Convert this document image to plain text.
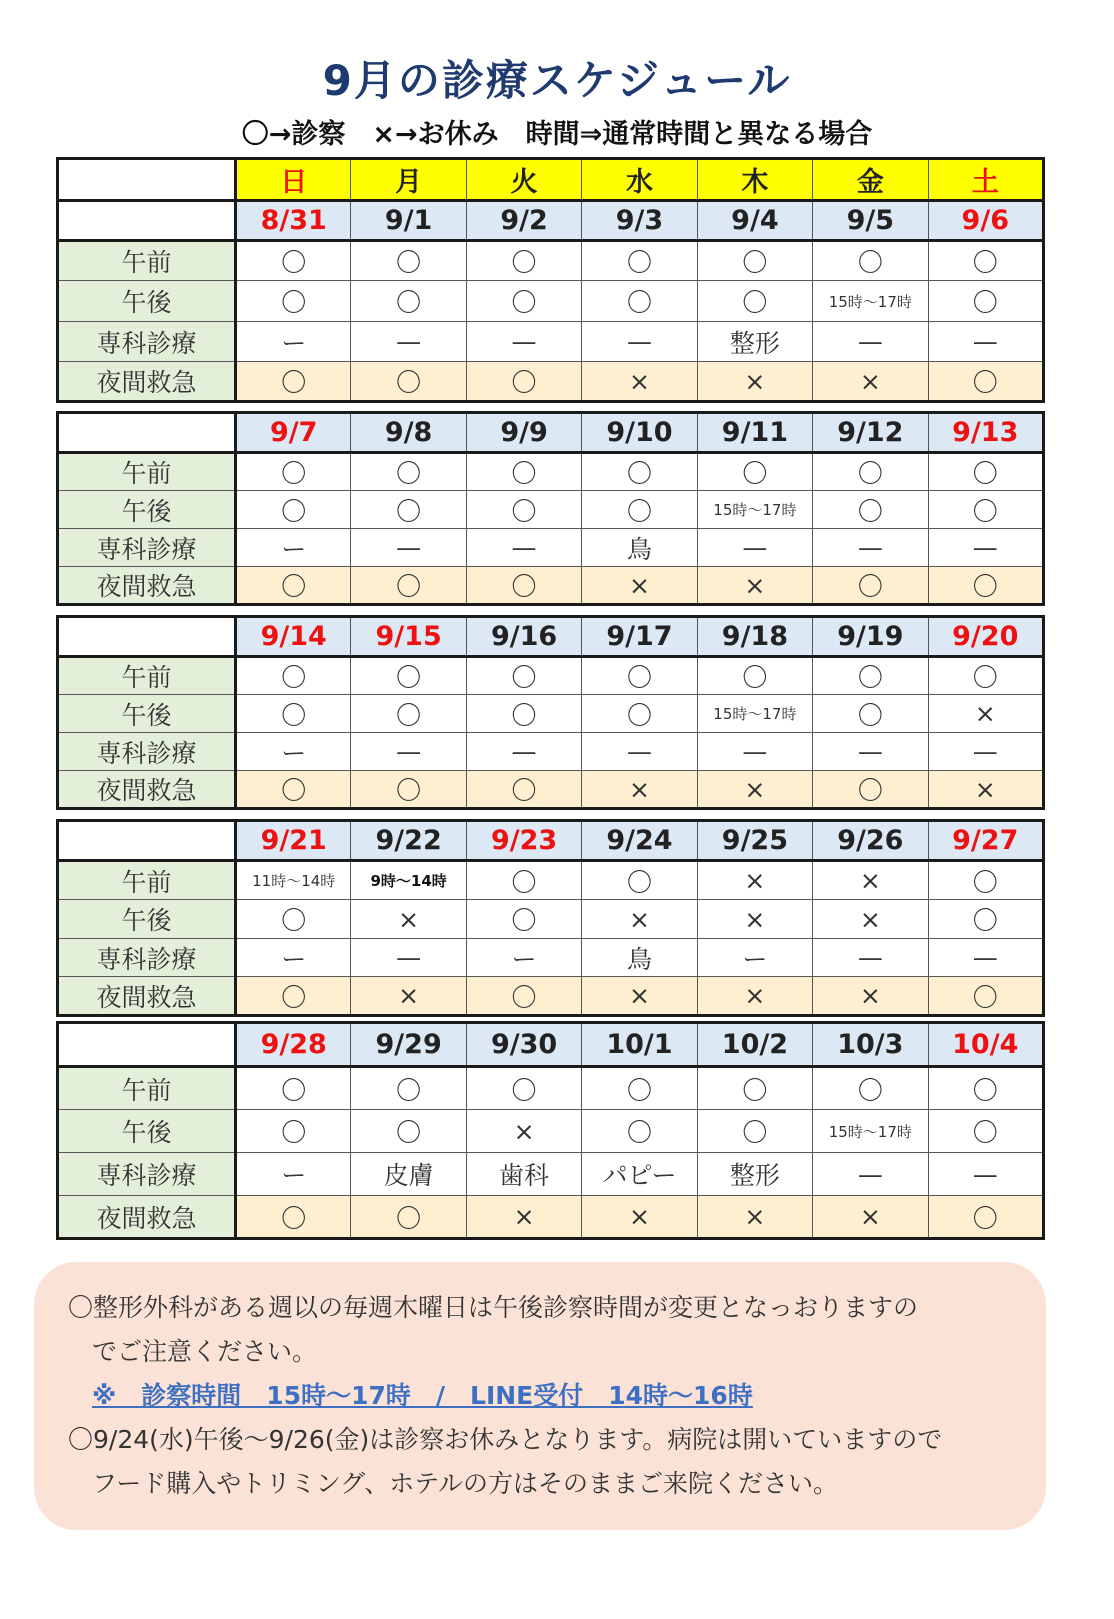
9月の診療スケジュール
〇→診察　×→お休み　時間⇒通常時間と異なる場合
	日	月	火	水	木	金	土
	8/31	9/1	9/2	9/3	9/4	9/5	9/6
午前	〇	〇	〇	〇	〇	〇	〇
午後	〇	〇	〇	〇	〇	15時～17時	〇
専科診療	ー	—	—	—	整形	—	—
夜間救急	〇	〇	〇	×	×	×	〇
	9/7	9/8	9/9	9/10	9/11	9/12	9/13
午前	〇	〇	〇	〇	〇	〇	〇
午後	〇	〇	〇	〇	15時～17時	〇	〇
専科診療	ー	—	—	鳥	—	—	—
夜間救急	〇	〇	〇	×	×	〇	〇
	9/14	9/15	9/16	9/17	9/18	9/19	9/20
午前	〇	〇	〇	〇	〇	〇	〇
午後	〇	〇	〇	〇	15時～17時	〇	×
専科診療	ー	—	—	—	—	—	—
夜間救急	〇	〇	〇	×	×	〇	×
	9/21	9/22	9/23	9/24	9/25	9/26	9/27
午前	11時～14時	9時～14時	〇	〇	×	×	〇
午後	〇	×	〇	×	×	×	〇
専科診療	ー	—	ー	鳥	ー	—	—
夜間救急	〇	×	〇	×	×	×	〇
	9/28	9/29	9/30	10/1	10/2	10/3	10/4
午前	〇	〇	〇	〇	〇	〇	〇
午後	〇	〇	×	〇	〇	15時～17時	〇
専科診療	ー	皮膚	歯科	パピー	整形	—	—
夜間救急	〇	〇	×	×	×	×	〇
〇整形外科がある週以の毎週木曜日は午後診察時間が変更となっおりますの
でご注意ください。
※　診察時間　15時～17時　/　LINE受付　14時～16時
〇9/24(水)午後～9/26(金)は診察お休みとなります。病院は開いていますので
フード購入やトリミング、ホテルの方はそのままご来院ください。
